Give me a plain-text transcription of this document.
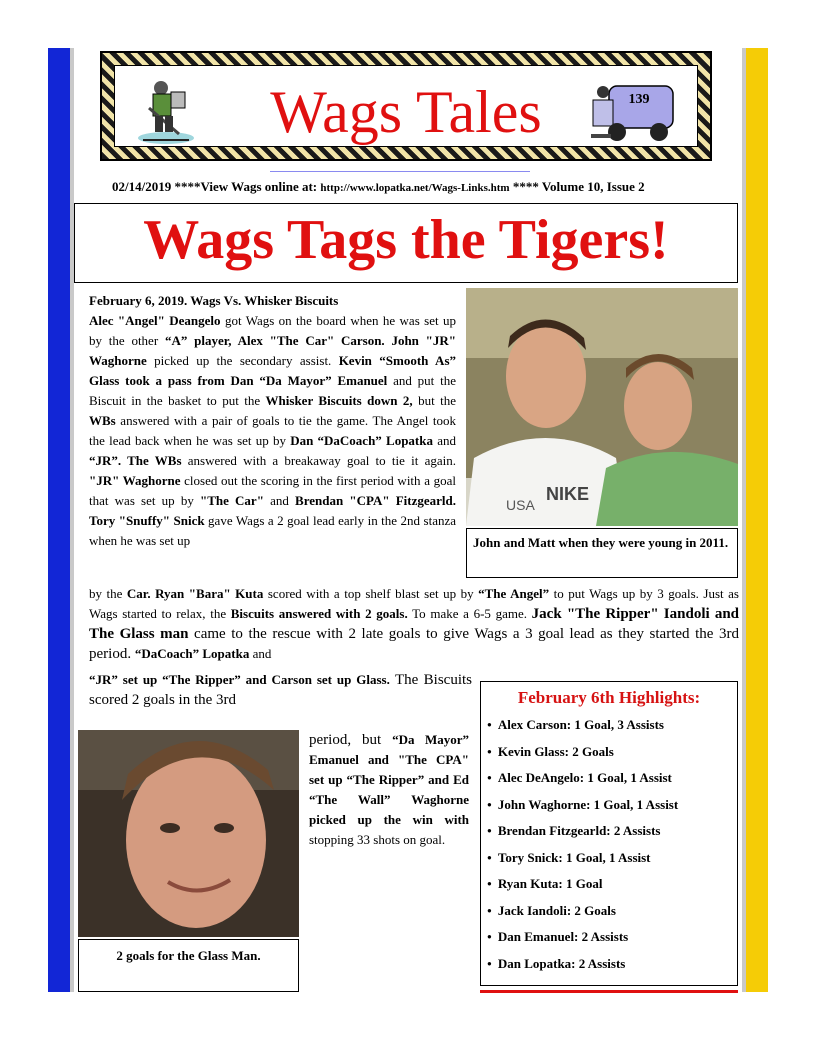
Wags Tales	139
02/14/2019 ****View Wags online at: http://www.lopatka.net/Wags-Links.htm **** Volume 10, Issue 2
Wags Tags the Tigers!
February 6, 2019. Wags Vs. Whisker Biscuits
Alec "Angel" Deangelo got Wags on the board when he was set up by the other “A” player, Alex "The Car" Carson. John "JR" Waghorne picked up the secondary assist. Kevin “Smooth As” Glass took a pass from Dan “Da Mayor” Emanuel and put the Biscuit in the basket to put the Whisker Biscuits down 2, but the WBs answered with a pair of goals to tie the game. The Angel took the lead back when he was set up by Dan “DaCoach” Lopatka and “JR”. The WBs answered with a breakaway goal to tie it again. "JR" Waghorne closed out the scoring in the first period with a goal that was set up by "The Car" and Brendan "CPA" Fitzgearld. Tory "Snuffy" Snick gave Wags a 2 goal lead early in the 2nd stanza when he was set up
USA
NIKE
John and Matt when they were young in 2011.
by the Car. Ryan "Bara" Kuta scored with a top shelf blast set up by “The Angel” to put Wags up by 3 goals. Just as Wags started to relax, the Biscuits answered with 2 goals. To make a 6-5 game. Jack "The Ripper" Iandoli and The Glass man came to the rescue with 2 late goals to give Wags a 3 goal lead as they started the 3rd period. “DaCoach” Lopatka and
“JR” set up “The Ripper” and Carson set up Glass. The Biscuits scored 2 goals in the 3rd
2 goals for the Glass Man.
period, but “Da Mayor” Emanuel and "The CPA" set up “The Ripper” and Ed “The Wall” Waghorne picked up the win with stopping 33 shots on goal.
February 6th Highlights:
● Alex Carson: 1 Goal, 3 Assists
● Kevin Glass: 2 Goals
● Alec DeAngelo: 1 Goal, 1 Assist
● John Waghorne: 1 Goal, 1 Assist
● Brendan Fitzgearld: 2 Assists
● Tory Snick: 1 Goal, 1 Assist
● Ryan Kuta: 1 Goal
● Jack Iandoli: 2 Goals
● Dan Emanuel: 2 Assists
● Dan Lopatka: 2 Assists
